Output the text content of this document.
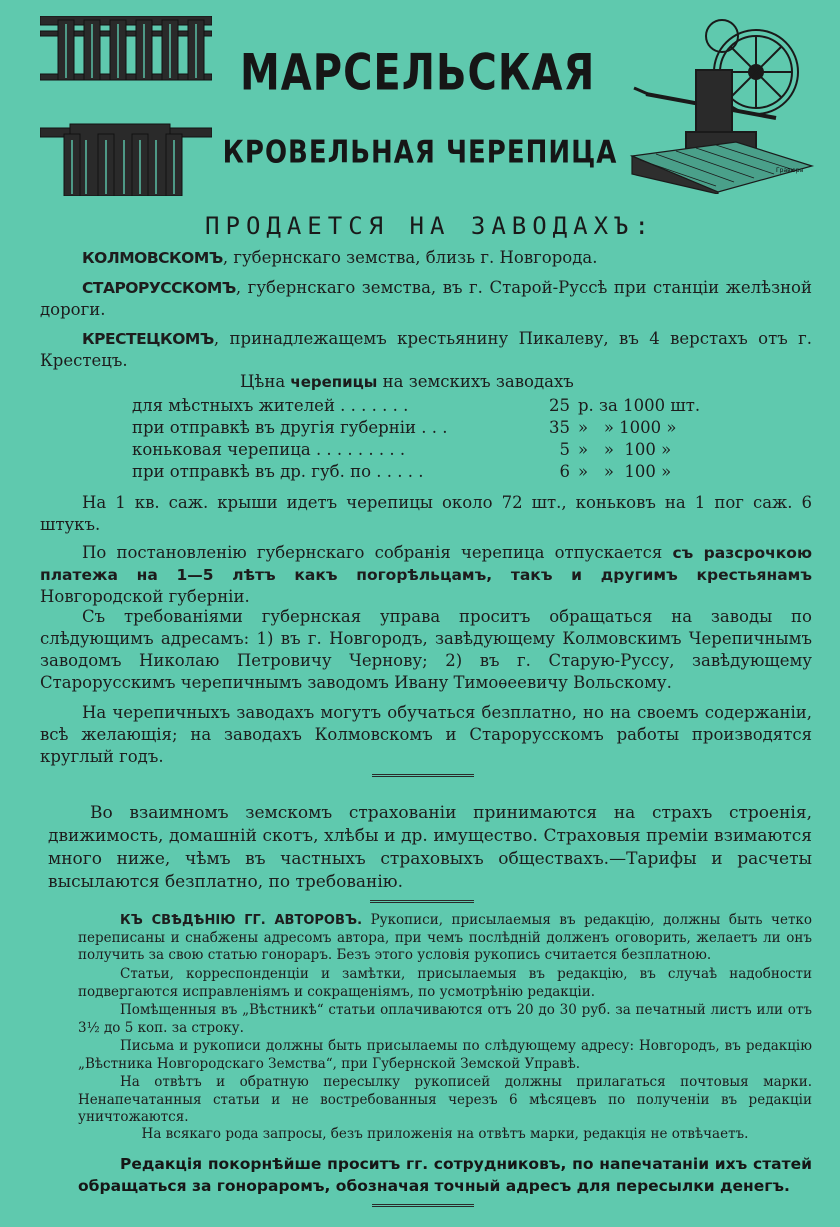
МАРСЕЛЬСКАЯ
КРОВЕЛЬНАЯ ЧЕРЕПИЦА	Гравюра
ПРОДАЕТСЯ НА ЗАВОДАХЪ:
КОЛМОВСКОМЪ, губернскаго земства, близь г. Новгорода.
СТАРОРУССКОМЪ, губернскаго земства, въ г. Старой-Руссѣ при станціи желѣзной дороги.
КРЕСТЕЦКОМЪ, принадлежащемъ крестьянину Пикалеву, въ 4 верстахъ отъ г. Крестецъ.
Цѣна черепицы на земскихъ заводахъ
для мѣстныхъ жителей . . . . . . .	25 р. за 1000 шт.
при отправкѣ въ другія губерніи . . .	35 »   » 1000 »
коньковая черепица . . . . . . . . .	5 »   »  100 »
при отправкѣ въ др. губ. по . . . . .	6 »   »  100 »
На 1 кв. саж. крыши идетъ черепицы около 72 шт., коньковъ на 1 пог саж. 6 штукъ.
По постановленію губернскаго собранія черепица отпускается съ разсрочкою платежа на 1—5 лѣтъ какъ погорѣльцамъ, такъ и другимъ крестьянамъ Новгородской губерніи.
Съ требованіями губернская управа проситъ обращаться на заводы по слѣдующимъ адресамъ: 1) въ г. Новгородъ, завѣдующему Колмовскимъ Черепичнымъ заводомъ Николаю Петровичу Чернову; 2) въ г. Старую-Руссу, завѣдующему Старорусскимъ черепичнымъ заводомъ Ивану Тимоѳеевичу Вольскому.
На черепичныхъ заводахъ могутъ обучаться безплатно, но на своемъ содержаніи, всѣ желающія; на заводахъ Колмовскомъ и Старорусскомъ работы производятся круглый годъ.
Во взаимномъ земскомъ страхованіи принимаются на страхъ строенія, движимость, домашній скотъ, хлѣбы и др. имущество. Страховыя преміи взимаются много ниже, чѣмъ въ частныхъ страховыхъ обществахъ.—Тарифы и расчеты высылаются безплатно, по требованію.
КЪ СВѢДѢНІЮ ГГ. АВТОРОВЪ. Рукописи, присылаемыя въ редакцію, должны быть четко переписаны и снабжены адресомъ автора, при чемъ послѣдній долженъ оговорить, желаетъ ли онъ получить за свою статью гонораръ. Безъ этого условія рукопись считается безплатною.
Статьи, корреспонденціи и замѣтки, присылаемыя въ редакцію, въ случаѣ надобности подвергаются исправленіямъ и сокращеніямъ, по усмотрѣнію редакціи.
Помѣщенныя въ „Вѣстникѣ“ статьи оплачиваются отъ 20 до 30 руб. за печатный листъ или отъ 3½ до 5 коп. за строку.
Письма и рукописи должны быть присылаемы по слѣдующему адресу: Новгородъ, въ редакцію „Вѣстника Новгородскаго Земства“, при Губернской Земской Управѣ.
На отвѣтъ и обратную пересылку рукописей должны прилагаться почтовыя марки. Ненапечатанныя статьи и не востребованныя черезъ 6 мѣсяцевъ по полученіи въ редакціи уничтожаются.
На всякаго рода запросы, безъ приложенія на отвѣтъ марки, редакція не отвѣчаетъ.
Редакція покорнѣйше проситъ гг. сотрудниковъ, по напечатаніи ихъ статей обращаться за гонораромъ, обозначая точный адресъ для пересылки денегъ.
